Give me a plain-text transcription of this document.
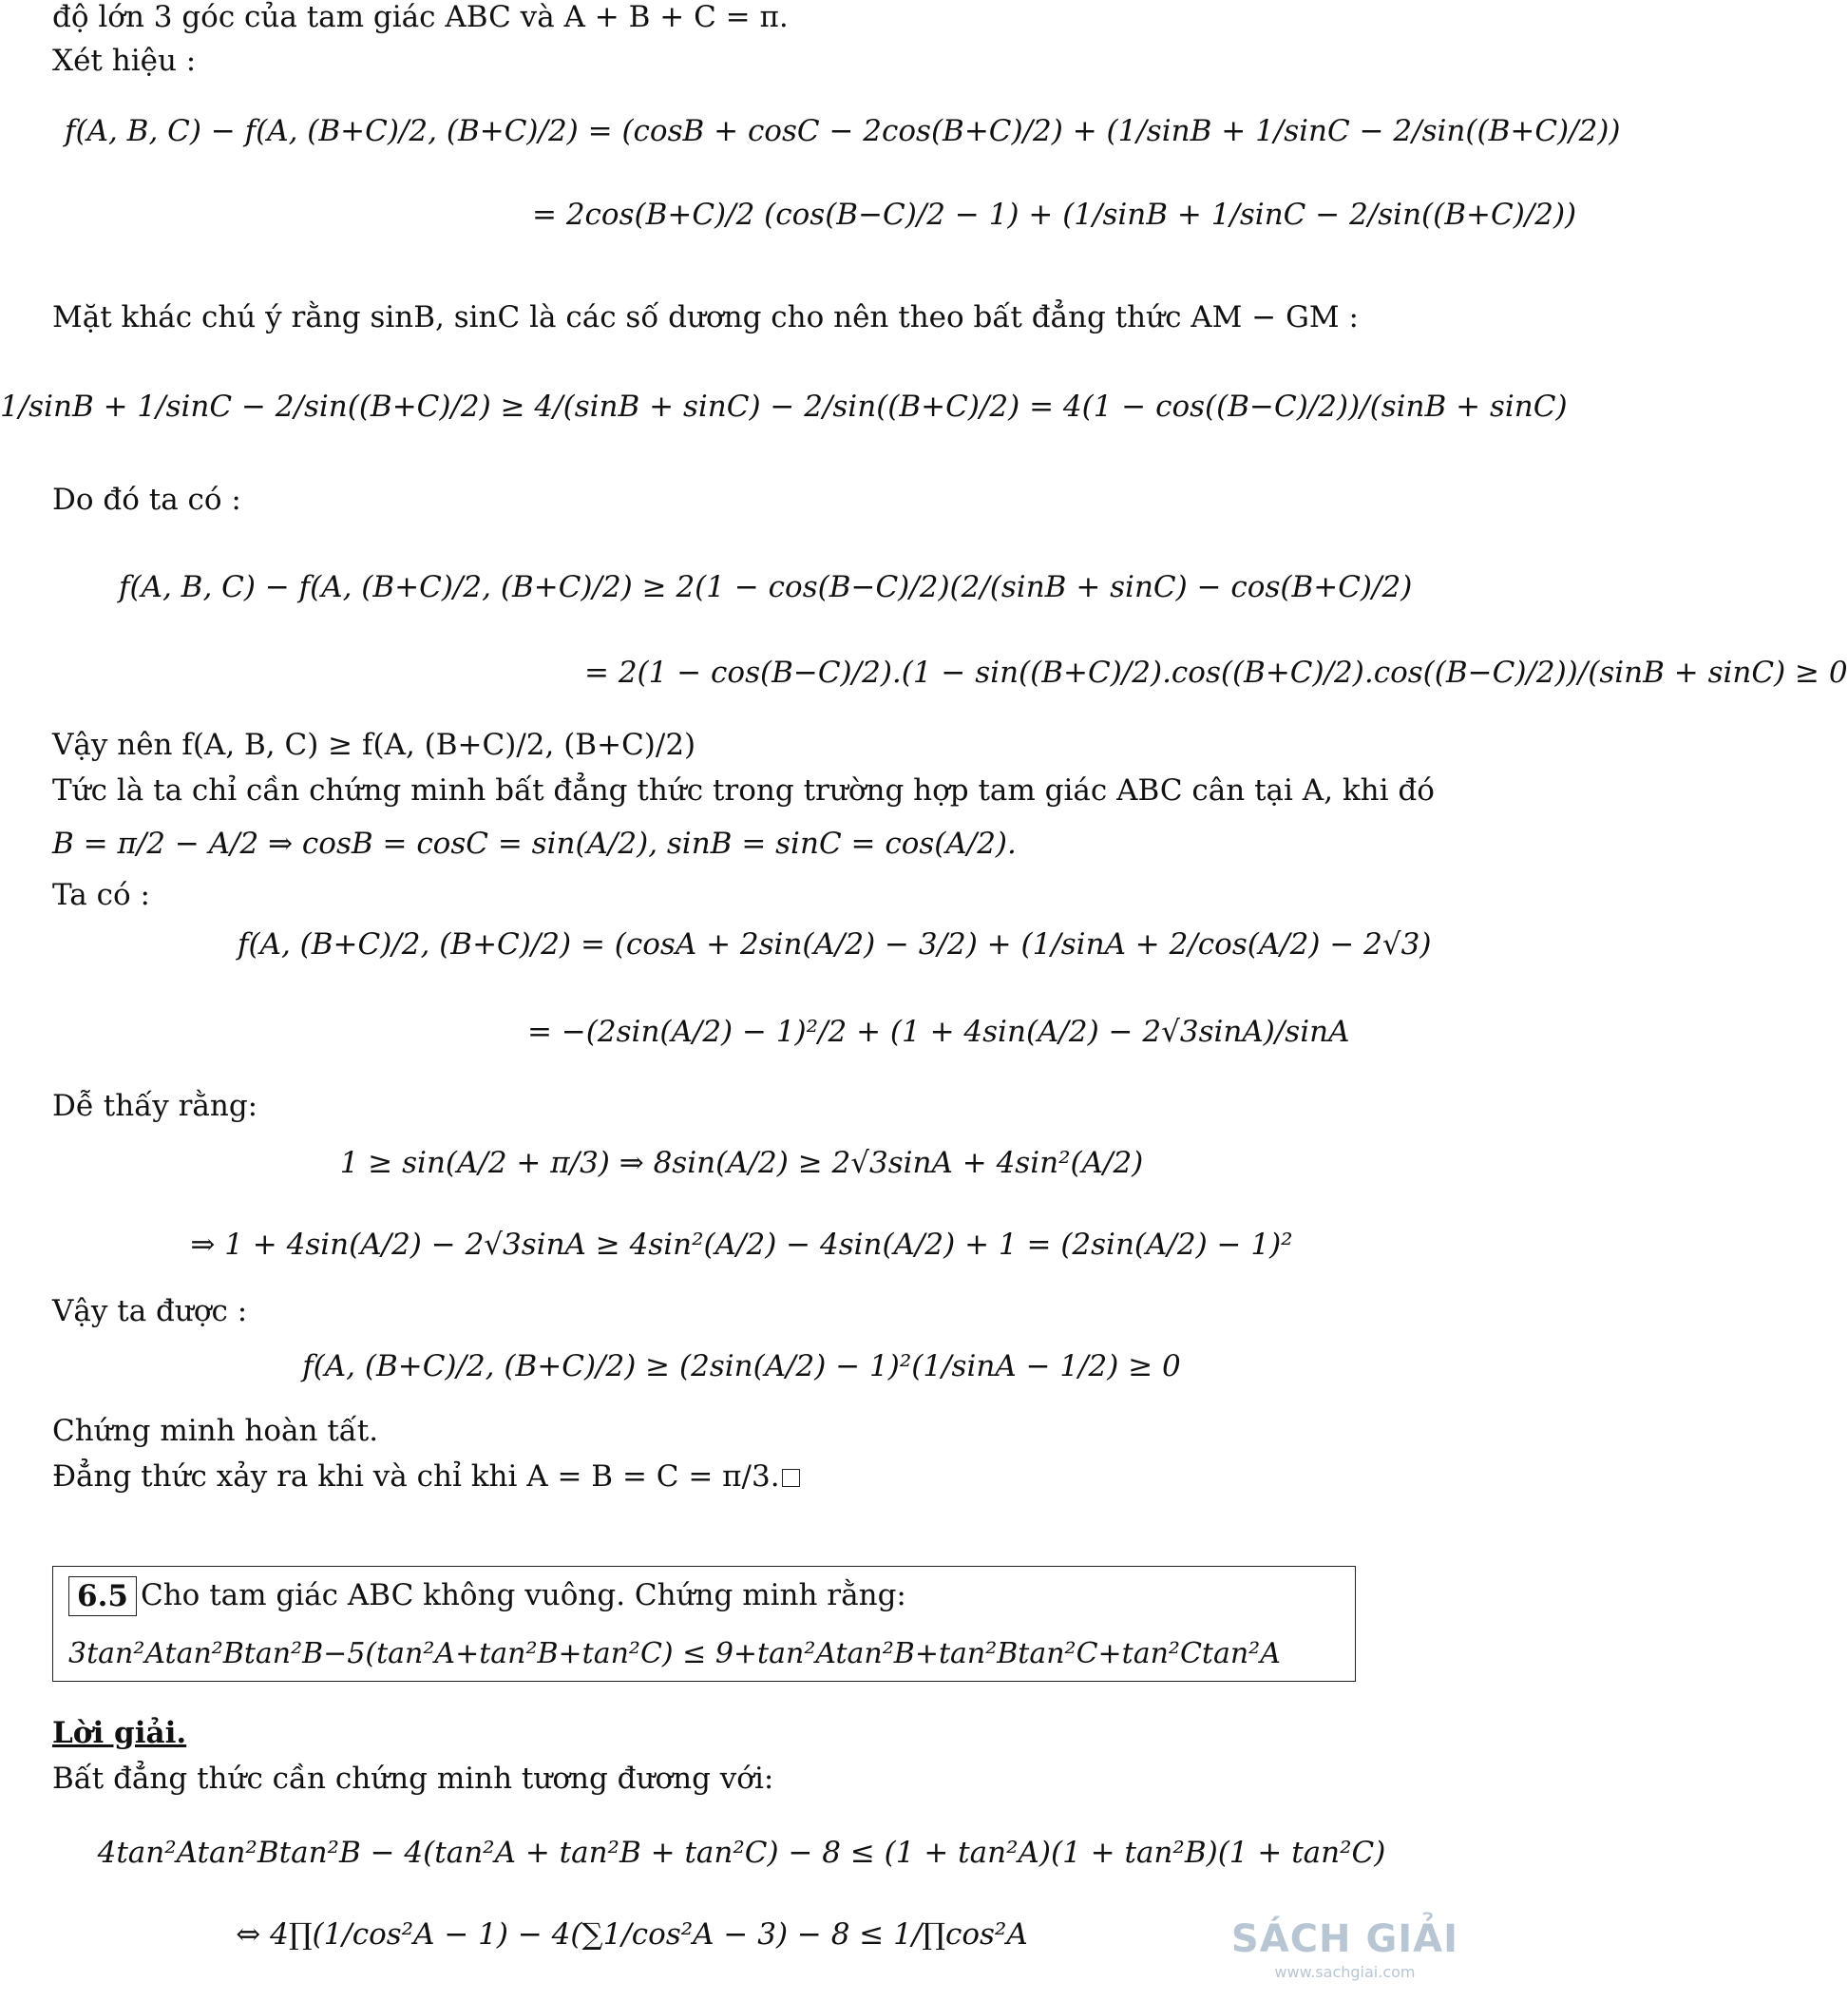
độ lớn 3 góc của tam giác ABC và A + B + C = π.
Xét hiệu :
f(A, B, C) − f(A, (B+C)/2, (B+C)/2) = (cosB + cosC − 2cos(B+C)/2) + (1/sinB + 1/sinC − 2/sin((B+C)/2))
= 2cos(B+C)/2 (cos(B−C)/2 − 1) + (1/sinB + 1/sinC − 2/sin((B+C)/2))
Mặt khác chú ý rằng sinB, sinC là các số dương cho nên theo bất đẳng thức AM − GM :
1/sinB + 1/sinC − 2/sin((B+C)/2) ≥ 4/(sinB + sinC) − 2/sin((B+C)/2) = 4(1 − cos((B−C)/2))/(sinB + sinC)
Do đó ta có :
f(A, B, C) − f(A, (B+C)/2, (B+C)/2) ≥ 2(1 − cos(B−C)/2)(2/(sinB + sinC) − cos(B+C)/2)
= 2(1 − cos(B−C)/2).(1 − sin((B+C)/2).cos((B+C)/2).cos((B−C)/2))/(sinB + sinC) ≥ 0
Vậy nên f(A, B, C) ≥ f(A, (B+C)/2, (B+C)/2)
Tức là ta chỉ cần chứng minh bất đẳng thức trong trường hợp tam giác ABC cân tại A, khi đó
B = π/2 − A/2 ⇒ cosB = cosC = sin(A/2), sinB = sinC = cos(A/2).
Ta có :
f(A, (B+C)/2, (B+C)/2) = (cosA + 2sin(A/2) − 3/2) + (1/sinA + 2/cos(A/2) − 2√3)
= −(2sin(A/2) − 1)²/2 + (1 + 4sin(A/2) − 2√3sinA)/sinA
Dễ thấy rằng:
1 ≥ sin(A/2 + π/3) ⇒ 8sin(A/2) ≥ 2√3sinA + 4sin²(A/2)
⇒ 1 + 4sin(A/2) − 2√3sinA ≥ 4sin²(A/2) − 4sin(A/2) + 1 = (2sin(A/2) − 1)²
Vậy ta được :
f(A, (B+C)/2, (B+C)/2) ≥ (2sin(A/2) − 1)²(1/sinA − 1/2) ≥ 0
Chứng minh hoàn tất.
Đẳng thức xảy ra khi và chỉ khi A = B = C = π/3.
6.5 Cho tam giác ABC không vuông. Chứng minh rằng:
3tan²Atan²Btan²B−5(tan²A+tan²B+tan²C) ≤ 9+tan²Atan²B+tan²Btan²C+tan²Ctan²A
Lời giải.
Bất đẳng thức cần chứng minh tương đương với:
4tan²Atan²Btan²B − 4(tan²A + tan²B + tan²C) − 8 ≤ (1 + tan²A)(1 + tan²B)(1 + tan²C)
⇔ 4∏(1/cos²A − 1) − 4(∑1/cos²A − 3) − 8 ≤ 1/∏cos²A	SÁCH GIẢI
www.sachgiai.com
